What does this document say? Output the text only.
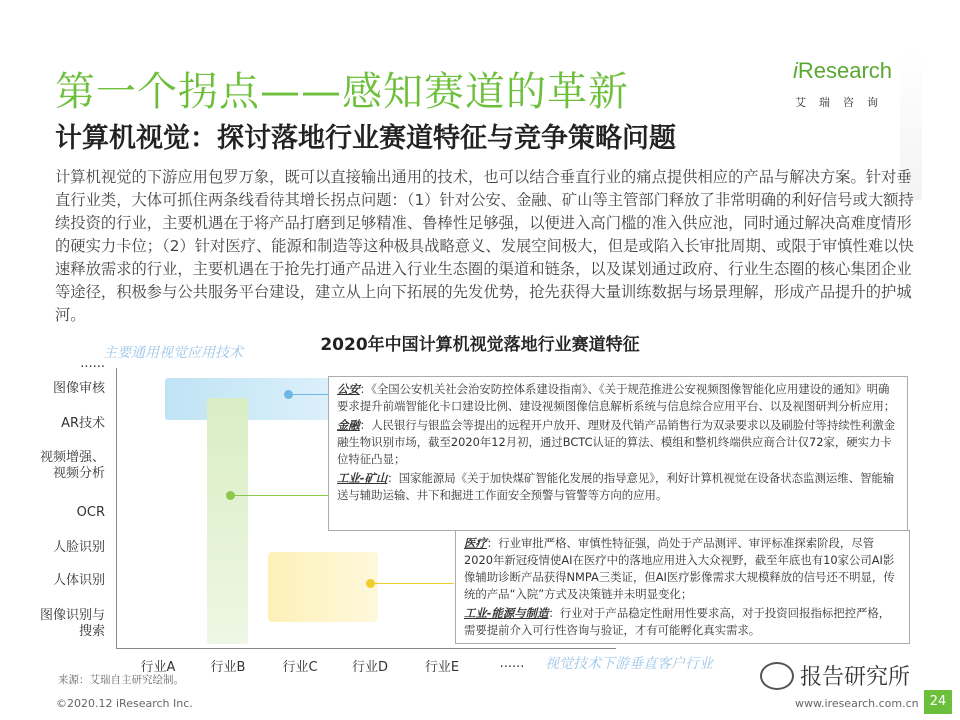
第一个拐点——感知赛道的革新
计算机视觉：探讨落地行业赛道特征与竞争策略问题
iResearch
艾瑞咨询

计算机视觉的下游应用包罗万象，既可以直接输出通用的技术，也可以结合垂直行业的痛点提供相应的产品与解决方案。针对垂直行业类，大体可抓住两条线看待其增长拐点问题：（1）针对公安、金融、矿山等主管部门释放了非常明确的利好信号或大额持续投资的行业，主要机遇在于将产品打磨到足够精准、鲁棒性足够强，以便进入高门槛的准入供应池，同时通过解决高难度情形的硬实力卡位；（2）针对医疗、能源和制造等这种极具战略意义、发展空间极大，但是或陷入长审批周期、或限于审慎性难以快速释放需求的行业，主要机遇在于抢先打通产品进入行业生态圈的渠道和链条，以及谋划通过政府、行业生态圈的核心集团企业等途径，积极参与公共服务平台建设，建立从上向下拓展的先发优势，抢先获得大量训练数据与场景理解，形成产品提升的护城河。

2020年中国计算机视觉落地行业赛道特征
主要通用视觉应用技术
......
图像审核
AR技术
视频增强、视频分析
OCR
人脸识别
人体识别
图像识别与搜索
行业A	行业B	行业C	行业D	行业E	......	视觉技术下游垂直客户行业

公安：《全国公安机关社会治安防控体系建设指南》、《关于规范推进公安视频图像智能化应用建设的通知》明确要求提升前端智能化卡口建设比例、建设视频图像信息解析系统与信息综合应用平台、以及视图研判分析应用；

金融：人民银行与银监会等提出的远程开户放开、理财及代销产品销售行为双录要求以及刷脸付等持续性利激金融生物识别市场，截至2020年12月初，通过BCTC认证的算法、模组和整机终端供应商合计仅72家，硬实力卡位特征凸显；

工业-矿山：国家能源局《关于加快煤矿智能化发展的指导意见》，利好计算机视觉在设备状态监测运维、智能输送与辅助运输、井下和掘进工作面安全预警与管警等方向的应用。

医疗：行业审批严格、审慎性特征强，尚处于产品测评、审评标准探索阶段，尽管2020年新冠疫情使AI在医疗中的落地应用进入大众视野，截至年底也有10家公司AI影像辅助诊断产品获得NMPA三类证，但AI医疗影像需求大规模释放的信号还不明显，传统的产品“入院”方式及决策链并未明显变化；

工业-能源与制造：行业对于产品稳定性耐用性要求高，对于投资回报指标把控严格，需要提前介入可行性咨询与验证，才有可能孵化真实需求。

来源：艾瑞自主研究绘制。
©2020.12 iResearch Inc.	www.iresearch.com.cn 24
报告研究所
